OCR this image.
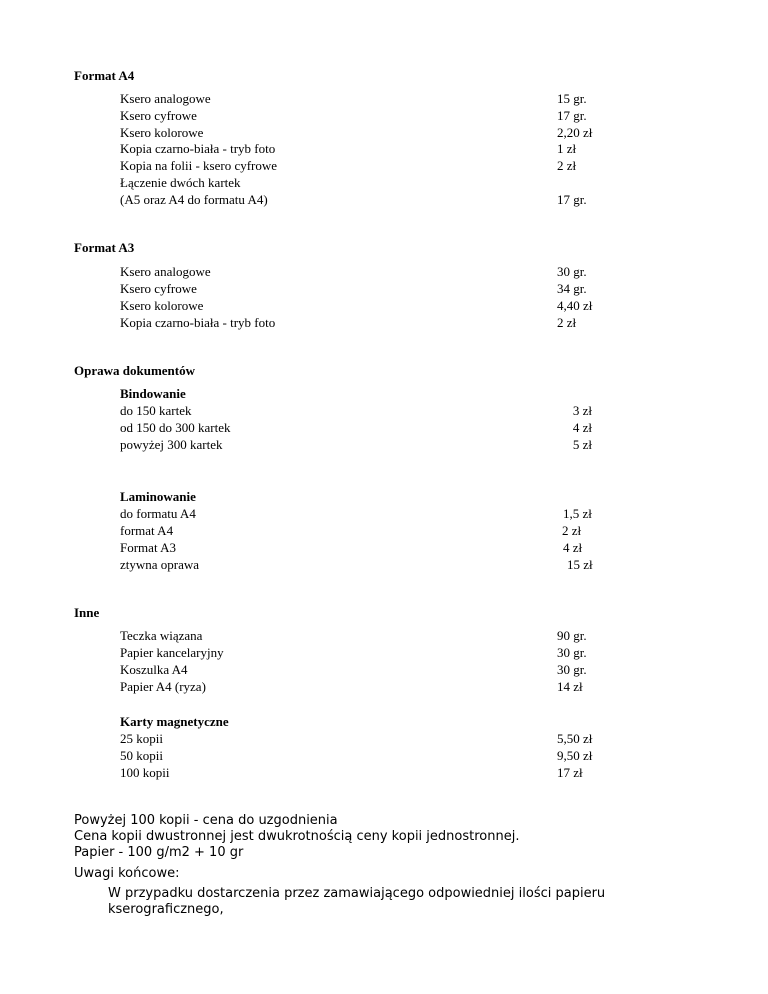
Format A4
Ksero analogowe	15 gr.
Ksero cyfrowe	17 gr.
Ksero kolorowe	2,20 zł
Kopia czarno-biała - tryb foto	1 zł
Kopia na folii - ksero cyfrowe	2 zł
Łączenie dwóch kartek
(A5 oraz A4 do formatu A4)	17 gr.
Format A3
Ksero analogowe	30 gr.
Ksero cyfrowe	34 gr.
Ksero kolorowe	4,40 zł
Kopia czarno-biała - tryb foto	2 zł
Oprawa dokumentów
Bindowanie
do 150 kartek	3 zł
od 150 do 300 kartek	4 zł
powyżej 300 kartek	5 zł
Laminowanie
do formatu A4	1,5 zł
format A4	2 zł
Format A3	4 zł
ztywna oprawa	15 zł
Inne
Teczka wiązana	90 gr.
Papier kancelaryjny	30 gr.
Koszulka A4	30 gr.
Papier A4 (ryza)	14 zł
Karty magnetyczne
25 kopii	5,50 zł
50 kopii	9,50 zł
100 kopii	17 zł
Powyżej 100 kopii - cena do uzgodnienia
Cena kopii dwustronnej jest dwukrotnością ceny kopii jednostronnej.
Papier - 100 g/m2 + 10 gr
Uwagi końcowe:
W przypadku dostarczenia przez zamawiającego odpowiedniej ilości papieru
kserograficznego,
